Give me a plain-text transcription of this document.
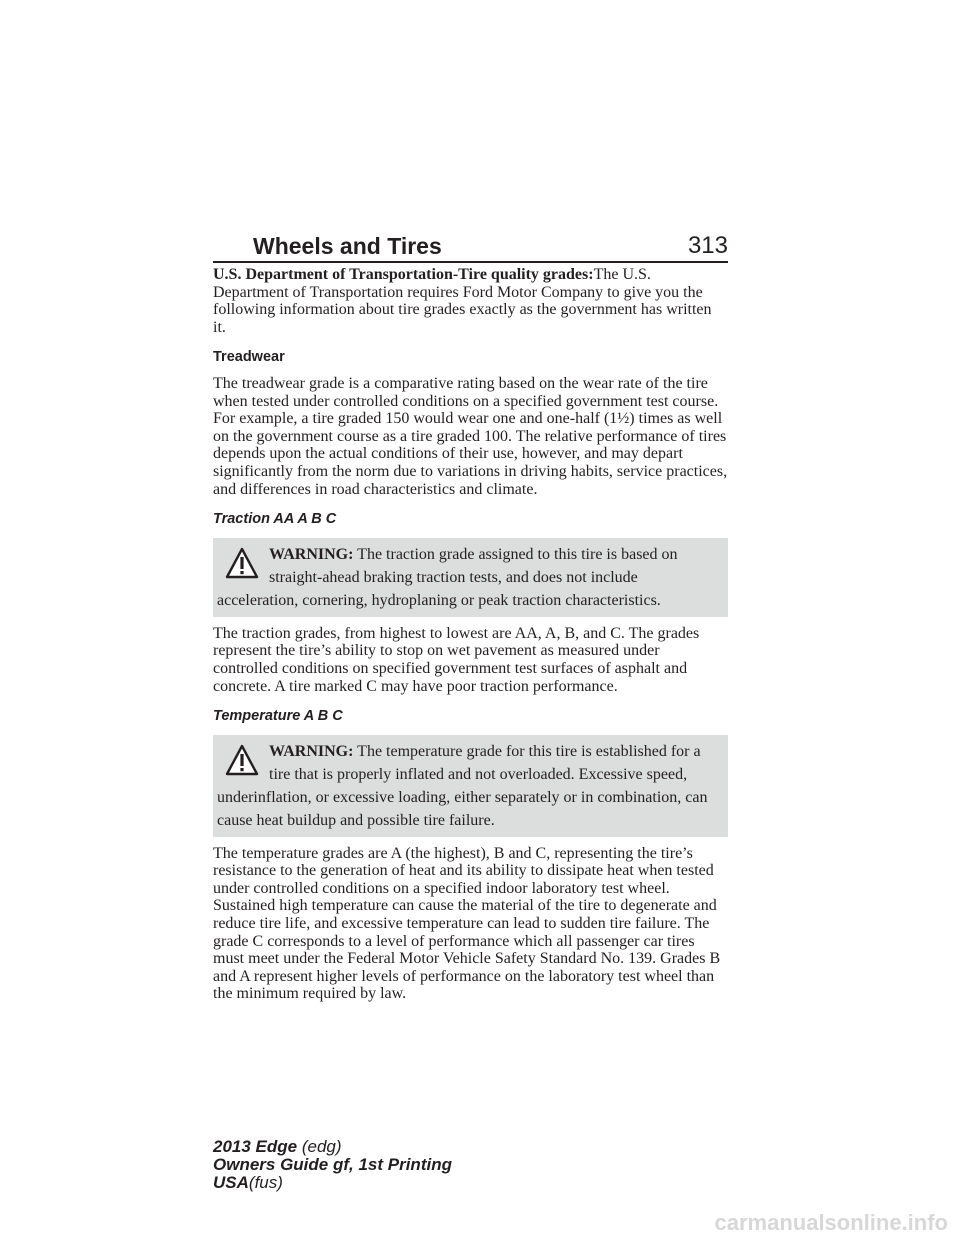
Wheels and Tires	313

U.S. Department of Transportation-Tire quality grades:The U.S. Department of Transportation requires Ford Motor Company to give you the following information about tire grades exactly as the government has written it.

Treadwear

The treadwear grade is a comparative rating based on the wear rate of the tire when tested under controlled conditions on a specified government test course. For example, a tire graded 150 would wear one and one-half (1½) times as well on the government course as a tire graded 100. The relative performance of tires depends upon the actual conditions of their use, however, and may depart significantly from the norm due to variations in driving habits, service practices, and differences in road characteristics and climate.

Traction AA A B C
WARNING: The traction grade assigned to this tire is based on straight-ahead braking traction tests, and does not include acceleration, cornering, hydroplaning or peak traction characteristics.

The traction grades, from highest to lowest are AA, A, B, and C. The grades represent the tire’s ability to stop on wet pavement as measured under controlled conditions on specified government test surfaces of asphalt and concrete. A tire marked C may have poor traction performance.

Temperature A B C
WARNING: The temperature grade for this tire is established for a tire that is properly inflated and not overloaded. Excessive speed, underinflation, or excessive loading, either separately or in combination, can cause heat buildup and possible tire failure.

The temperature grades are A (the highest), B and C, representing the tire’s resistance to the generation of heat and its ability to dissipate heat when tested under controlled conditions on a specified indoor laboratory test wheel. Sustained high temperature can cause the material of the tire to degenerate and reduce tire life, and excessive temperature can lead to sudden tire failure. The grade C corresponds to a level of performance which all passenger car tires must meet under the Federal Motor Vehicle Safety Standard No. 139. Grades B and A represent higher levels of performance on the laboratory test wheel than the minimum required by law.

2013 Edge (edg)
Owners Guide gf, 1st Printing
USA(fus)
carmanualsonline.info
